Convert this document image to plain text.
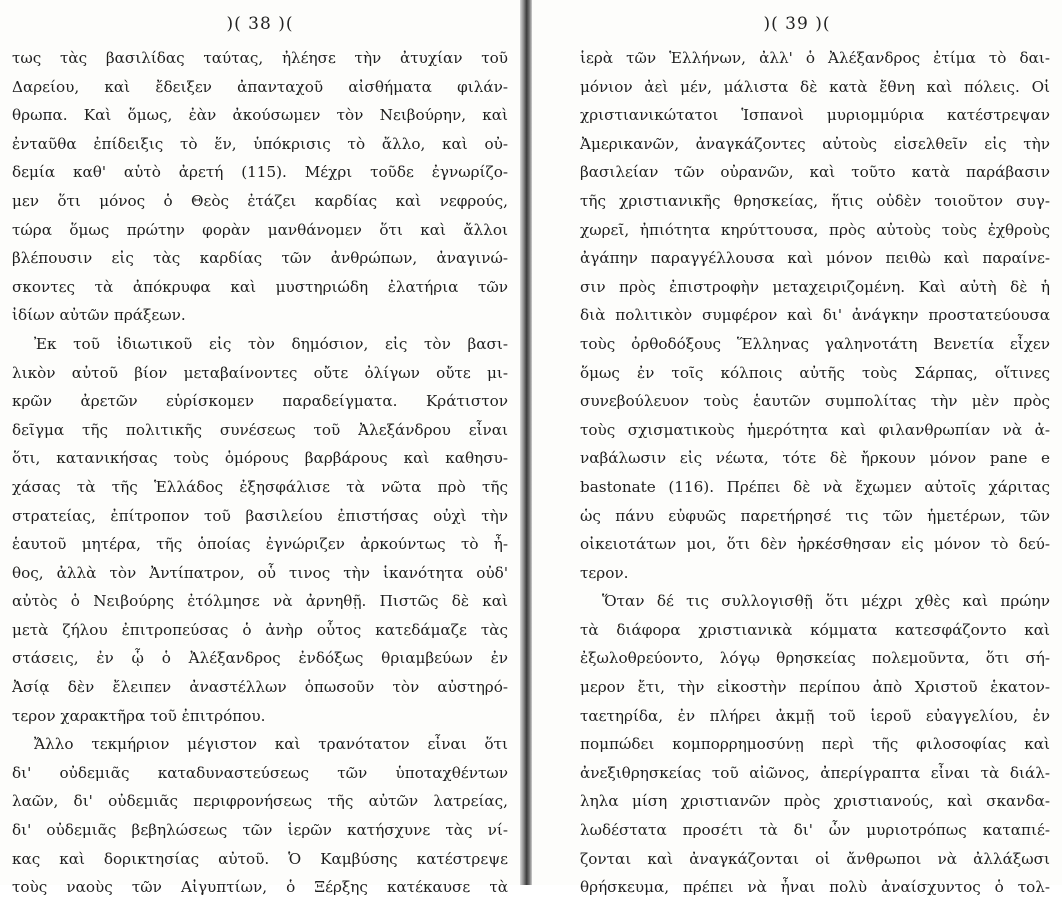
)( 38 )(
τως τὰς βασιλίδας ταύτας, ἠλέησε τὴν ἀτυχίαν τοῦ
Δαρείου, καὶ ἔδειξεν ἀπανταχοῦ αἰσθήματα φιλάν-
θρωπα. Καὶ ὅμως, ἐὰν ἀκούσωμεν τὸν Νειβούρην, καὶ
ἐνταῦθα ἐπίδειξις τὸ ἕν, ὑπόκρισις τὸ ἄλλο, καὶ οὐ-
δεμία καθ' αὑτὸ ἀρετή (115). Μέχρι τοῦδε ἐγνωρίζο-
μεν ὅτι μόνος ὁ Θεὸς ἐτάζει καρδίας καὶ νεφρούς,
τώρα ὅμως πρώτην φορὰν μανθάνομεν ὅτι καὶ ἄλλοι
βλέπουσιν εἰς τὰς καρδίας τῶν ἀνθρώπων, ἀναγινώ-
σκοντες τὰ ἀπόκρυφα καὶ μυστηριώδη ἐλατήρια τῶν
ἰδίων αὐτῶν πράξεων.
Ἐκ τοῦ ἰδιωτικοῦ εἰς τὸν δημόσιον, εἰς τὸν βασι-
λικὸν αὐτοῦ βίον μεταβαίνοντες οὔτε ὀλίγων οὔτε μι-
κρῶν ἀρετῶν εὑρίσκομεν παραδείγματα. Κράτιστον
δεῖγμα τῆς πολιτικῆς συνέσεως τοῦ Ἀλεξάνδρου εἶναι
ὅτι, κατανικήσας τοὺς ὁμόρους βαρβάρους καὶ καθησυ-
χάσας τὰ τῆς Ἑλλάδος ἐξησφάλισε τὰ νῶτα πρὸ τῆς
στρατείας, ἐπίτροπον τοῦ βασιλείου ἐπιστήσας οὐχὶ τὴν
ἑαυτοῦ μητέρα, τῆς ὁποίας ἐγνώριζεν ἀρκούντως τὸ ἦ-
θος, ἀλλὰ τὸν Ἀντίπατρον, οὗ τινος τὴν ἱκανότητα οὐδ'
αὐτὸς ὁ Νειβούρης ἐτόλμησε νὰ ἀρνηθῇ. Πιστῶς δὲ καὶ
μετὰ ζήλου ἐπιτροπεύσας ὁ ἀνὴρ οὗτος κατεδάμαζε τὰς
στάσεις, ἐν ᾧ ὁ Ἀλέξανδρος ἐνδόξως θριαμβεύων ἐν
Ἀσίᾳ δὲν ἔλειπεν ἀναστέλλων ὁπωσοῦν τὸν αὐστηρό-
τερον χαρακτῆρα τοῦ ἐπιτρόπου.
Ἄλλο τεκμήριον μέγιστον καὶ τρανότατον εἶναι ὅτι
δι' οὐδεμιᾶς καταδυναστεύσεως τῶν ὑποταχθέντων
λαῶν, δι' οὐδεμιᾶς περιφρονήσεως τῆς αὐτῶν λατρείας,
δι' οὐδεμιᾶς βεβηλώσεως τῶν ἱερῶν κατήσχυνε τὰς νί-
κας καὶ δορικτησίας αὐτοῦ. Ὁ Καμβύσης κατέστρεψε
τοὺς ναοὺς τῶν Αἰγυπτίων, ὁ Ξέρξης κατέκαυσε τὰ
)( 39 )(
ἱερὰ τῶν Ἑλλήνων, ἀλλ' ὁ Ἀλέξανδρος ἐτίμα τὸ δαι-
μόνιον ἀεὶ μέν, μάλιστα δὲ κατὰ ἔθνη καὶ πόλεις. Οἱ
χριστιανικώτατοι Ἱσπανοὶ μυριομμύρια κατέστρεψαν
Ἀμερικανῶν, ἀναγκάζοντες αὐτοὺς εἰσελθεῖν εἰς τὴν
βασιλείαν τῶν οὐρανῶν, καὶ τοῦτο κατὰ παράβασιν
τῆς χριστιανικῆς θρησκείας, ἥτις οὐδὲν τοιοῦτον συγ-
χωρεῖ, ἠπιότητα κηρύττουσα, πρὸς αὐτοὺς τοὺς ἐχθροὺς
ἀγάπην παραγγέλλουσα καὶ μόνον πειθὼ καὶ παραίνε-
σιν πρὸς ἐπιστροφὴν μεταχειριζομένη. Καὶ αὐτὴ δὲ ἡ
διὰ πολιτικὸν συμφέρον καὶ δι' ἀνάγκην προστατεύουσα
τοὺς ὀρθοδόξους Ἕλληνας γαληνοτάτη Βενετία εἶχεν
ὅμως ἐν τοῖς κόλποις αὐτῆς τοὺς Σάρπας, οἵτινες
συνεβούλευον τοὺς ἑαυτῶν συμπολίτας τὴν μὲν πρὸς
τοὺς σχισματικοὺς ἡμερότητα καὶ φιλανθρωπίαν νὰ ἀ-
ναβάλωσιν εἰς νέωτα, τότε δὲ ἤρκουν μόνον pane e
bastonate (116). Πρέπει δὲ νὰ ἔχωμεν αὐτοῖς χάριτας
ὡς πάνυ εὐφυῶς παρετήρησέ τις τῶν ἡμετέρων, τῶν
οἰκειοτάτων μοι, ὅτι δὲν ἠρκέσθησαν εἰς μόνον τὸ δεύ-
τερον.
Ὅταν δέ τις συλλογισθῇ ὅτι μέχρι χθὲς καὶ πρώην
τὰ διάφορα χριστιανικὰ κόμματα κατεσφάζοντο καὶ
ἐξωλοθρεύοντο, λόγῳ θρησκείας πολεμοῦντα, ὅτι σή-
μερον ἔτι, τὴν εἰκοστὴν περίπου ἀπὸ Χριστοῦ ἑκατον-
ταετηρίδα, ἐν πλήρει ἀκμῇ τοῦ ἱεροῦ εὐαγγελίου, ἐν
πομπώδει κομπορρημοσύνῃ περὶ τῆς φιλοσοφίας καὶ
ἀνεξιθρησκείας τοῦ αἰῶνος, ἀπερίγραπτα εἶναι τὰ διάλ-
ληλα μίση χριστιανῶν πρὸς χριστιανούς, καὶ σκανδα-
λωδέστατα προσέτι τὰ δι' ὧν μυριοτρόπως καταπιέ-
ζονται καὶ ἀναγκάζονται οἱ ἄνθρωποι νὰ ἀλλάξωσι
θρήσκευμα, πρέπει νὰ ἦναι πολὺ ἀναίσχυντος ὁ τολ-
